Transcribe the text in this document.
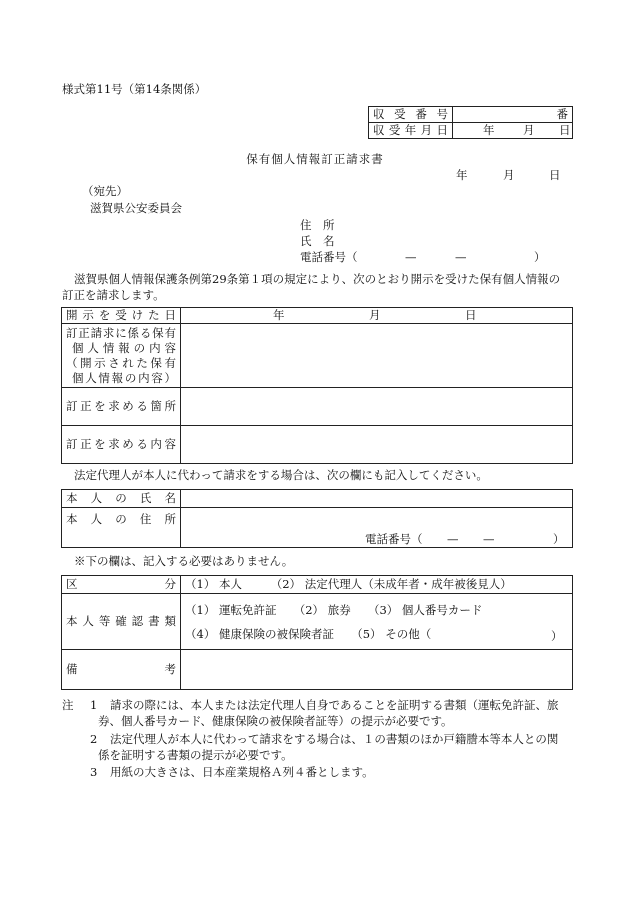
様式第11号（第14条関係）
収 受 番 号	番
収受年月日	年 月 日
保有個人情報訂正請求書
年	月	日
（宛先）
滋賀県公安委員会
住　所
氏　名
電話番号（	—	—	）
滋賀県個人情報保護条例第29条第１項の規定により、次のとおり開示を受けた保有個人情報の
訂正を請求します。
開示を受けた日	年 月 日

訂正請求に係る保有
個人情報の内容
（開示された保有
個人情報の内容）	

訂正を求める箇所	
訂正を求める内容	
法定代理人が本人に代わって請求をする場合は、次の欄にも記入してください。
本人の氏名	
本人の住所	電話番号（ — — ）
※下の欄は、記入する必要はありません。
区分	（1） 本人　　　（2） 法定代理人（未成年者・成年被後見人）
本人等確認書類	（1） 運転免許証　　（2） 旅券　　（3） 個人番号カード
（4） 健康保険の被保険者証　　（5） その他（ ）

備考	
注 1 請求の際には、本人または法定代理人自身であることを証明する書類（運転免許証、旅
券、個人番号カード、健康保険の被保険者証等）の提示が必要です。
2 法定代理人が本人に代わって請求をする場合は、１の書類のほか戸籍謄本等本人との関
係を証明する書類の提示が必要です。
3 用紙の大きさは、日本産業規格Ａ列４番とします。
